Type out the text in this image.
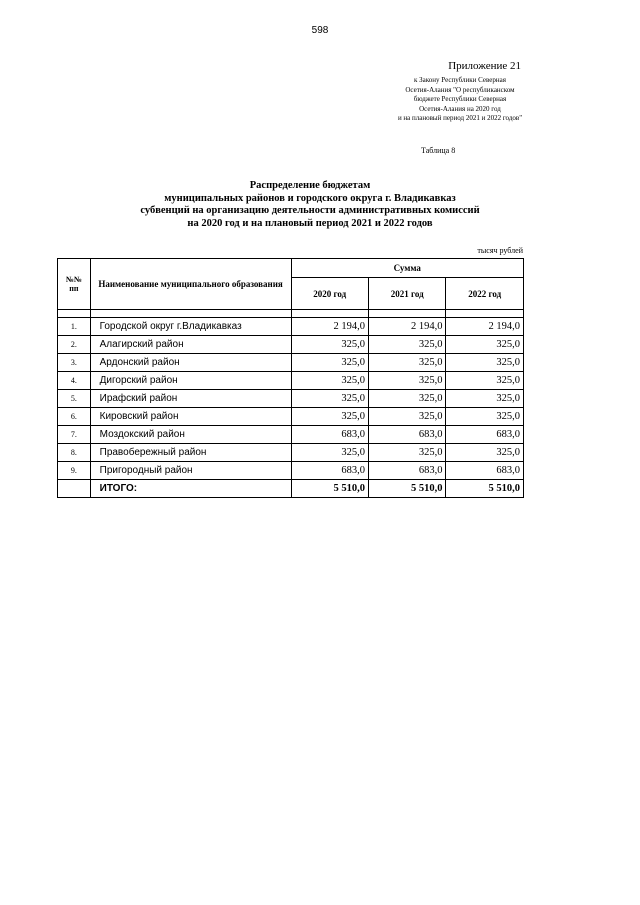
598
Приложение 21
к Закону Республики Северная
Осетия-Алания "О республиканском
бюджете Республики Северная
Осетия-Алания на 2020 год
и на плановый период 2021 и 2022 годов"
Таблица 8
Распределение бюджетам
муниципальных районов и городского округа г. Владикавказ
субвенций на организацию деятельности административных комиссий
на 2020 год и на плановый период 2021 и 2022 годов
тысяч рублей
№№
пп	Наименование муниципального образования	Сумма		
		2020 год	2021 год	2022 год

1.	Городской округ г.Владикавказ	2 194,0	2 194,0	2 194,0
2.	Алагирский район	325,0	325,0	325,0
3.	Ардонский район	325,0	325,0	325,0
4.	Дигорский район	325,0	325,0	325,0
5.	Ирафский район	325,0	325,0	325,0
6.	Кировский район	325,0	325,0	325,0
7.	Моздокский район	683,0	683,0	683,0
8.	Правобережный район	325,0	325,0	325,0
9.	Пригородный район	683,0	683,0	683,0
	ИТОГО:	5 510,0	5 510,0	5 510,0
